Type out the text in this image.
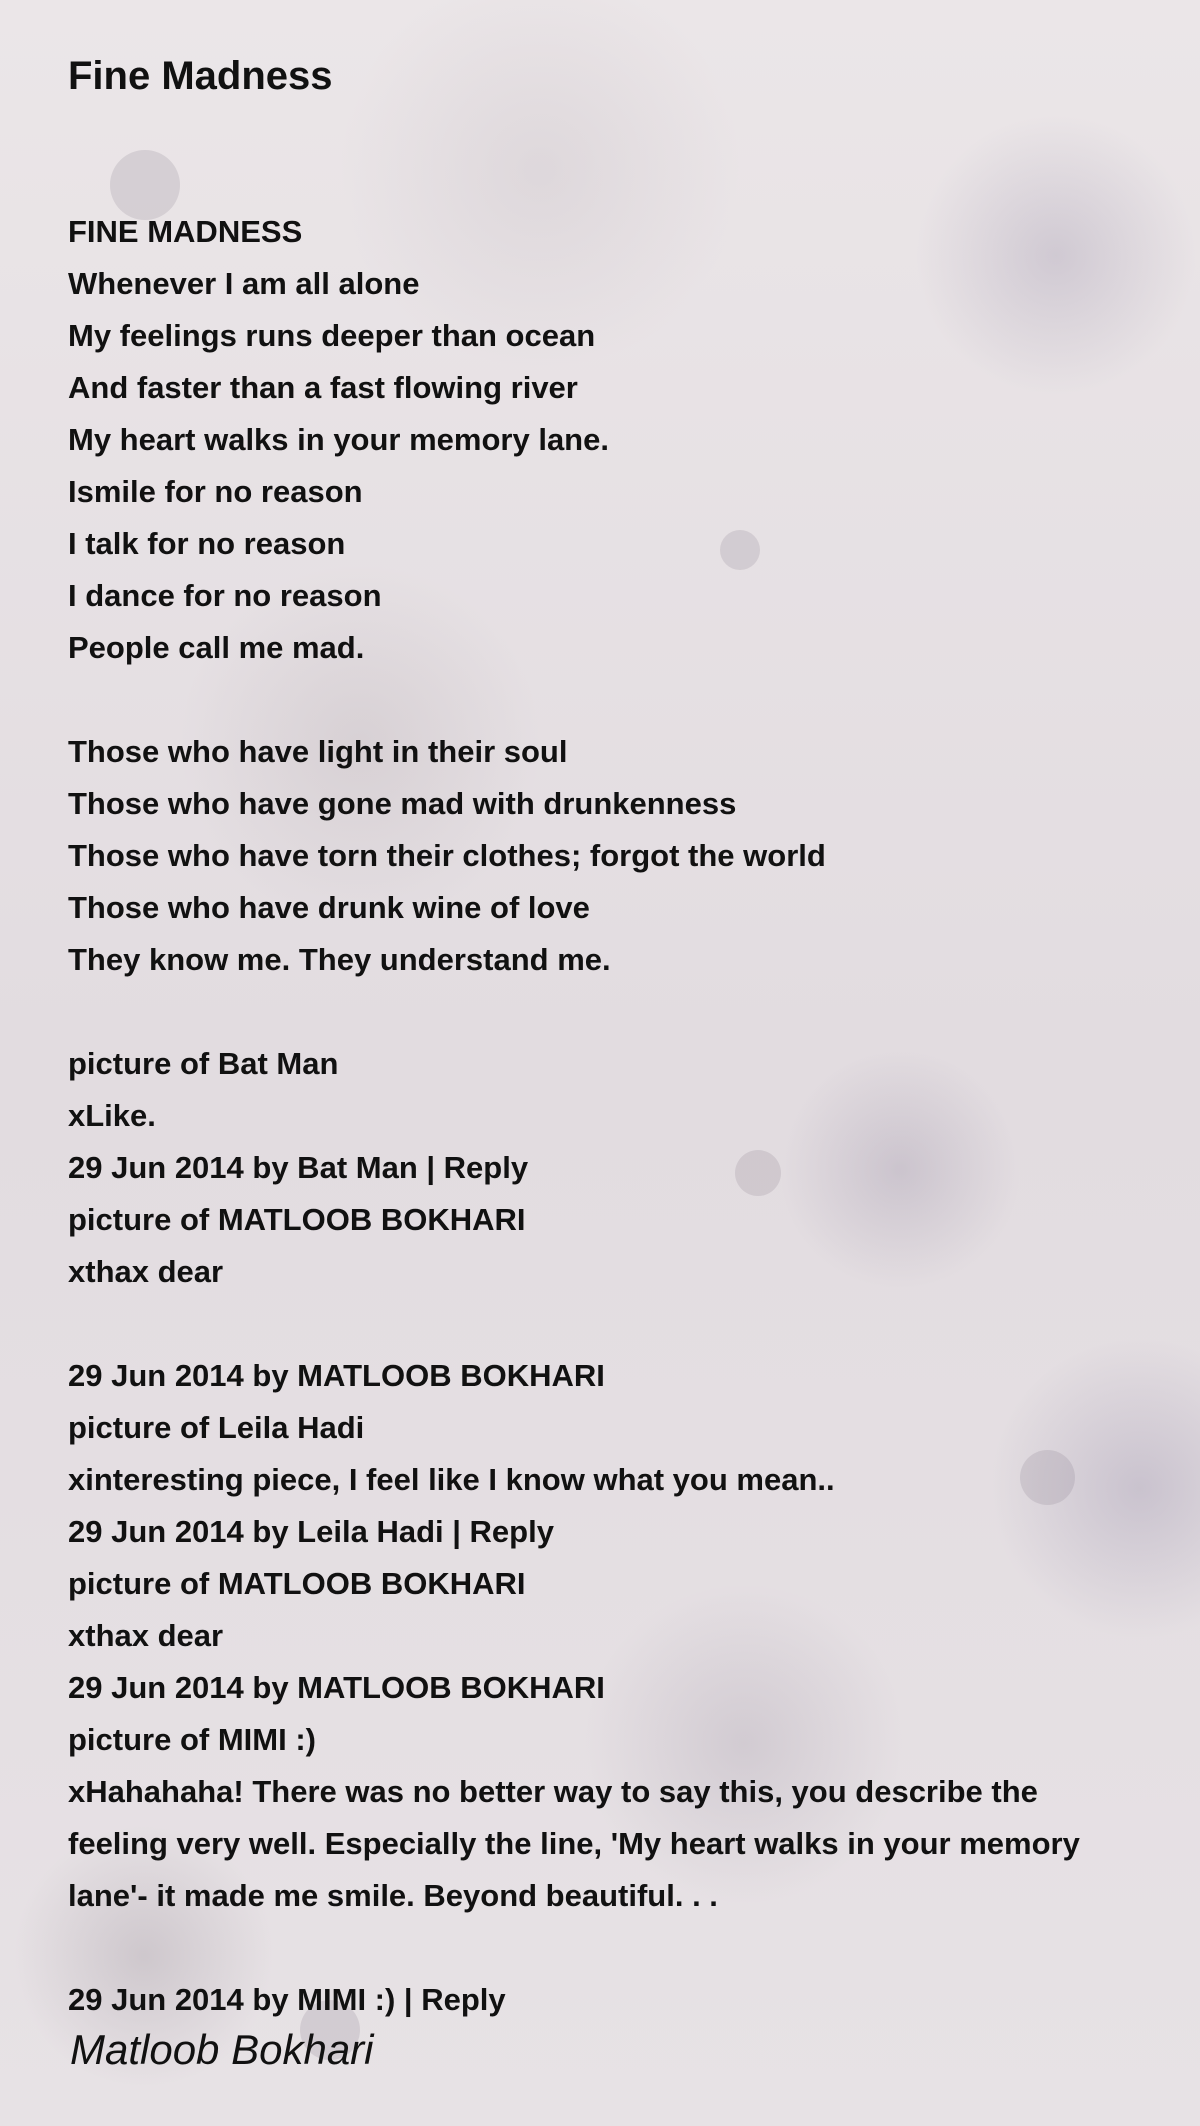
Fine Madness
FINE MADNESS
Whenever I am all alone
My feelings runs deeper than ocean
And faster than a fast flowing river
My heart walks in your memory lane.
Ismile for no reason
I talk for no reason
I dance for no reason
People call me mad.
Those who have light in their soul
Those who have gone mad with drunkenness
Those who have torn their clothes; forgot the world
Those who have drunk wine of love
They know me. They understand me.
picture of Bat Man
xLike.
29 Jun 2014 by Bat Man | Reply
picture of MATLOOB BOKHARI
xthax dear
29 Jun 2014 by MATLOOB BOKHARI
picture of Leila Hadi
xinteresting piece, I feel like I know what you mean..
29 Jun 2014 by Leila Hadi | Reply
picture of MATLOOB BOKHARI
xthax dear
29 Jun 2014 by MATLOOB BOKHARI
picture of MIMI :)
xHahahaha! There was no better way to say this, you describe the feeling very well. Especially the line, 'My heart walks in your memory lane'- it made me smile. Beyond beautiful. . .
29 Jun 2014 by MIMI :) | Reply
Matloob Bokhari
